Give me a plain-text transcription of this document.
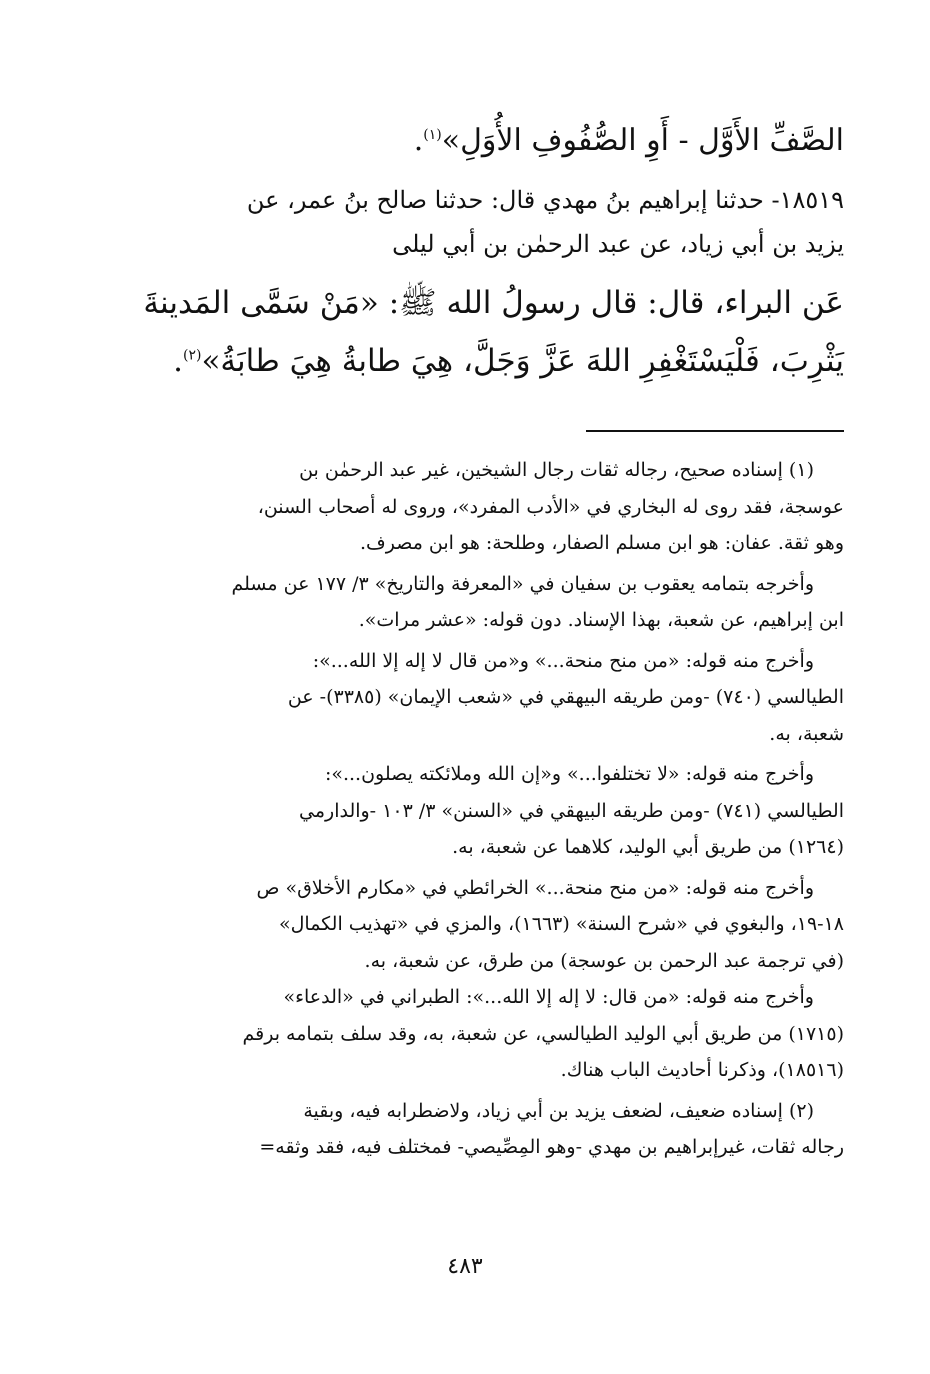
الصَّفِّ الأَوَّل - أَوِ الصُّفُوفِ الأُوَلِ»$^{(١)}$.

١٨٥١٩- حدثنا إبراهيم بنُ مهدي قال: حدثنا صالح بنُ عمر، عن
يزيد بن أبي زياد، عن عبد الرحمٰن بن أبي ليلى

عَن البراء، قال: قال رسولُ الله ﷺ: «مَنْ سَمَّى المَدينةَ
يَثْرِبَ، فَلْيَسْتَغْفِرِ اللهَ عَزَّ وَجَلَّ، هِيَ طابةُ هِيَ طابَةُ»$^{(٢)}$.

(١) إسناده صحيح، رجاله ثقات رجال الشيخين، غير عبد الرحمٰن بن
عوسجة، فقد روى له البخاري في «الأدب المفرد»، وروى له أصحاب السنن،
وهو ثقة. عفان: هو ابن مسلم الصفار، وطلحة: هو ابن مصرف.

وأخرجه بتمامه يعقوب بن سفيان في «المعرفة والتاريخ» ٣/ ١٧٧ عن مسلم
ابن إبراهيم، عن شعبة، بهذا الإسناد. دون قوله: «عشر مرات».

وأخرج منه قوله: «من منح منحة...» و«من قال لا إله إلا الله...»:
الطيالسي (٧٤٠) -ومن طريقه البيهقي في «شعب الإيمان» (٣٣٨٥)- عن
شعبة، به.

وأخرج منه قوله: «لا تختلفوا...» و«إن الله وملائكته يصلون...»:
الطيالسي (٧٤١) -ومن طريقه البيهقي في «السنن» ٣/ ١٠٣ -والدارمي
(١٢٦٤) من طريق أبي الوليد، كلاهما عن شعبة، به.

وأخرج منه قوله: «من منح منحة...» الخرائطي في «مكارم الأخلاق» ص
١٨-١٩، والبغوي في «شرح السنة» (١٦٦٣)، والمزي في «تهذيب الكمال»
(في ترجمة عبد الرحمن بن عوسجة) من طرق، عن شعبة، به.

وأخرج منه قوله: «من قال: لا إله إلا الله...»: الطبراني في «الدعاء»
(١٧١٥) من طريق أبي الوليد الطيالسي، عن شعبة، به، وقد سلف بتمامه برقم
(١٨٥١٦)، وذكرنا أحاديث الباب هناك.

(٢) إسناده ضعيف، لضعف يزيد بن أبي زياد، ولاضطرابه فيه، وبقية
رجاله ثقات، غيرإبراهيم بن مهدي -وهو المِصِّيصي- فمختلف فيه، فقد وثقه=

٤٨٣
